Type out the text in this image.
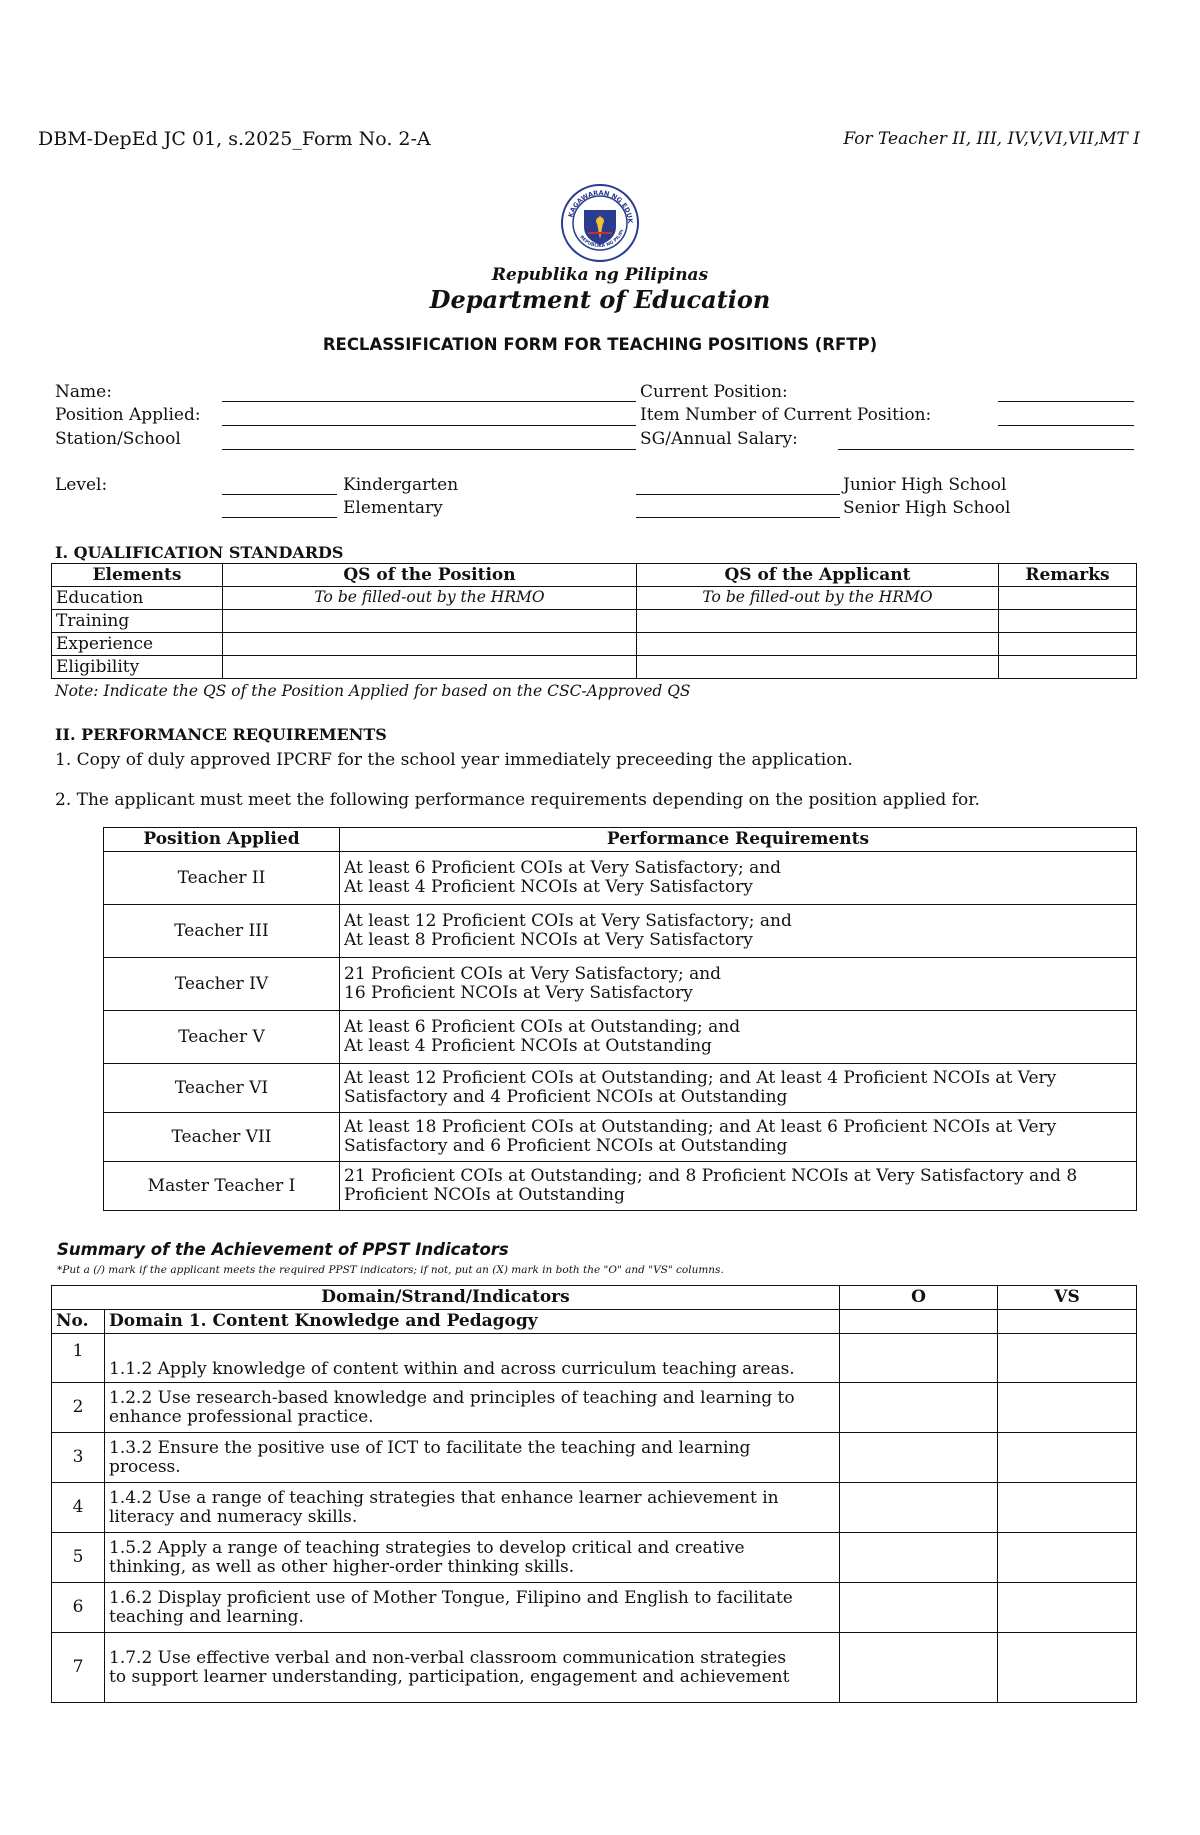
DBM-DepEd JC 01, s.2025_Form No. 2-A	For Teacher II, III, IV,V,VI,VII,MT I
KAGAWARAN NG EDUK
REPUBLIKA NG PILIPI
Republika ng Pilipinas
Department of Education
RECLASSIFICATION FORM FOR TEACHING POSITIONS (RFTP)
Name:
Position Applied:
Station/School
Current Position:
Item Number of Current Position:
SG/Annual Salary:
Level:	Kindergarten
Elementary
Junior High School
Senior High School
I. QUALIFICATION STANDARDS
Elements	QS of the Position	QS of the Applicant	Remarks
Education	To be filled-out by the HRMO	To be filled-out by the HRMO	
Training			
Experience			
Eligibility			
Note: Indicate the QS of the Position Applied for based on the CSC-Approved QS
II. PERFORMANCE REQUIREMENTS
1. Copy of duly approved IPCRF for the school year immediately preceeding the application.
2. The applicant must meet the following performance requirements depending on the position applied for.
Position Applied	Performance Requirements
Teacher II	At least 6 Proficient COIs at Very Satisfactory; and
At least 4 Proficient NCOIs at Very Satisfactory

Teacher III	At least 12 Proficient COIs at Very Satisfactory; and
At least 8 Proficient NCOIs at Very Satisfactory

Teacher IV	21 Proficient COIs at Very Satisfactory; and
16 Proficient NCOIs at Very Satisfactory

Teacher V	At least 6 Proficient COIs at Outstanding; and
At least 4 Proficient NCOIs at Outstanding

Teacher VI	At least 12 Proficient COIs at Outstanding; and At least 4 Proficient NCOIs at Very
Satisfactory and 4 Proficient NCOIs at Outstanding

Teacher VII	At least 18 Proficient COIs at Outstanding; and At least 6 Proficient NCOIs at Very
Satisfactory and 6 Proficient NCOIs at Outstanding

Master Teacher I	21 Proficient COIs at Outstanding; and 8 Proficient NCOIs at Very Satisfactory and 8
Proficient NCOIs at Outstanding
Summary of the Achievement of PPST Indicators
*Put a (/) mark if the applicant meets the required PPST indicators; if not, put an (X) mark in both the "O" and "VS" columns.
Domain/Strand/Indicators		O	VS
No.	Domain 1. Content Knowledge and Pedagogy		
1	1.1.2 Apply knowledge of content within and across curriculum teaching areas.		

2	1.2.2 Use research-based knowledge and principles of teaching and learning to
enhance professional practice.		

3	1.3.2 Ensure the positive use of ICT to facilitate the teaching and learning
process.		

4	1.4.2 Use a range of teaching strategies that enhance learner achievement in
literacy and numeracy skills.		

5	1.5.2 Apply a range of teaching strategies to develop critical and creative
thinking, as well as other higher-order thinking skills.		

6	1.6.2 Display proficient use of Mother Tongue, Filipino and English to facilitate
teaching and learning.		

7	1.7.2 Use effective verbal and non-verbal classroom communication strategies
to support learner understanding, participation, engagement and achievement		
